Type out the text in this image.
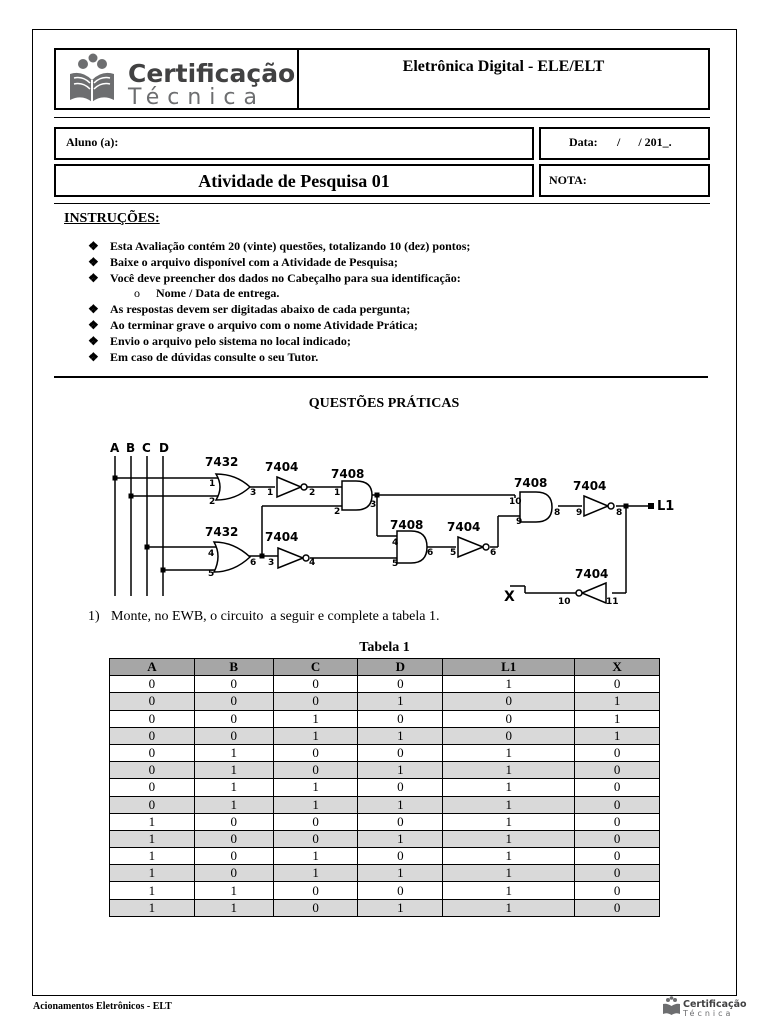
Certificação
Técnica
Eletrônica Digital - ELE/ELT
Aluno (a):	Data: /      / 201_.
Atividade de Pesquisa 01	NOTA:
INSTRUÇÕES:
❖ Esta Avaliação contém 20 (vinte) questões, totalizando 10 (dez) pontos;
❖ Baixe o arquivo disponível com a Atividade de Pesquisa;
❖ Você deve preencher dos dados no Cabeçalho para sua identificação:
o Nome / Data de entrega.
❖ As respostas devem ser digitadas abaixo de cada pergunta;
❖ Ao terminar grave o arquivo com o nome Atividade Prática;
❖ Envio o arquivo pelo sistema no local indicado;
❖ Em caso de dúvidas consulte o seu Tutor.
QUESTÕES PRÁTICAS
A B C D
7432 7404	7408
7432 7404
7408 7404
7408 7404
7404
L1
X
1
2
3 1	2 1
2
3
4
5
6 3	4
4
5
6 5	6
10
9
8 9	8
11
10
1) Monte, no EWB, o circuito  a seguir e complete a tabela 1.
Tabela 1
A	B	C	D	L1	X
0	0	0	0	1	0
0	0	0	1	0	1
0	0	1	0	0	1
0	0	1	1	0	1
0	1	0	0	1	0
0	1	0	1	1	0
0	1	1	0	1	0
0	1	1	1	1	0
1	0	0	0	1	0
1	0	0	1	1	0
1	0	1	0	1	0
1	0	1	1	1	0
1	1	0	0	1	0
1	1	0	1	1	0
Acionamentos Eletrônicos - ELT	Certificação
Técnica
